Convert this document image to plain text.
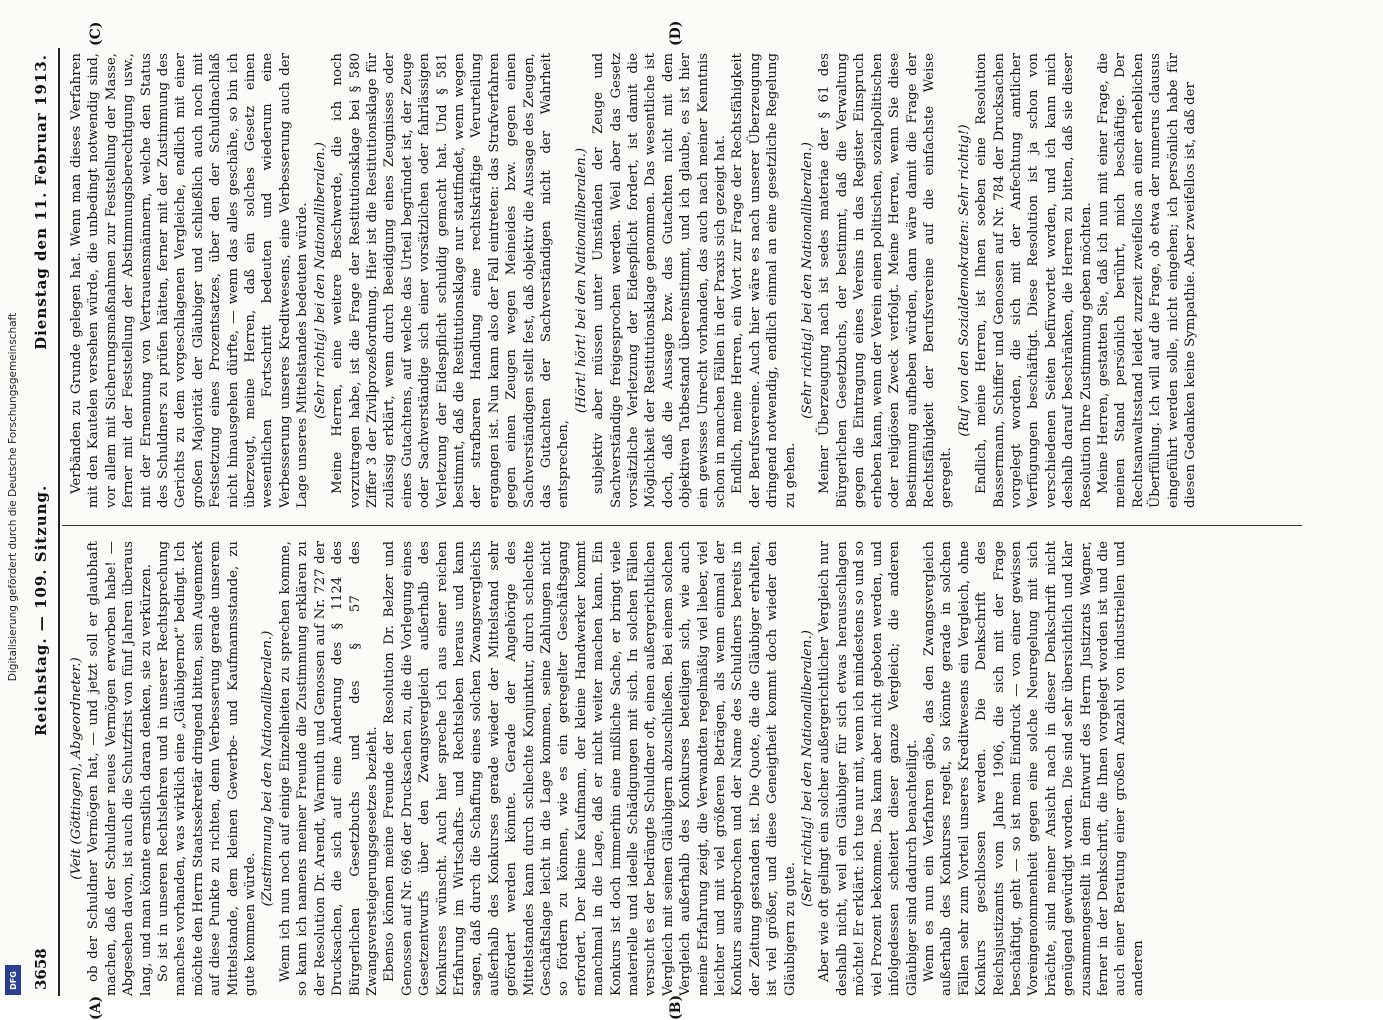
3658
Reichstag. — 109. Sitzung.
Dienstag den 11. Februar 1913.

(Veit (Göttingen), Abgeordneter.) ob der Schuldner Vermögen hat, — und jetzt soll er glaubhaft machen, daß der Schuldner neues Vermögen erworben habe! — Abgesehen davon, ist auch die Schutzfrist von fünf Jahren überaus lang, und man könnte ernstlich daran denken, sie zu verkürzen. So ist in unseren Rechtslehren und in unserer Rechtsprechung manches vorhanden, was wirklich eine „Gläubigernot“ bedingt. Ich möchte den Herrn Staatssekretär dringend bitten, sein Augenmerk auf diese Punkte zu richten, denn Verbesserung gerade unserem Mittelstande, dem kleinen Gewerbe- und Kaufmannsstande, zu gute kommen würde.

(Zustimmung bei den Nationalliberalen.) Wenn ich nun noch auf einige Einzelheiten zu sprechen komme, so kann ich namens meiner Freunde die Zustimmung erklären zu der Resolution Dr. Arendt, Warmuth und Genossen auf Nr. 727 der Drucksachen, die sich auf eine Änderung des § 1124 des Bürgerlichen Gesetzbuchs und des § 57 des Zwangsversteigerungsgesetzes bezieht. Ebenso können meine Freunde der Resolution Dr. Belzer und Genossen auf Nr. 696 der Drucksachen zu, die die Vorlegung eines Gesetzentwurfs über den Zwangsvergleich außerhalb des Konkurses wünscht. Auch hier spreche ich aus einer reichen Erfahrung im Wirtschafts- und Rechtsleben heraus und kann sagen, daß durch die Schaffung eines solchen Zwangsvergleichs außerhalb des Konkurses gerade wieder der Mittelstand sehr gefördert werden könnte. Gerade der Angehörige des Mittelstandes kann durch schlechte Konjunktur, durch schlechte Geschäftslage leicht in die Lage kommen, seine Zahlungen nicht so fördern zu können, wie es ein geregelter Geschäftsgang erfordert. Der kleine Kaufmann, der kleine Handwerker kommt manchmal in die Lage, daß er nicht weiter machen kann. Ein Konkurs ist doch immerhin eine mißliche Sache, er bringt viele materielle und ideelle Schädigungen mit sich. In solchen Fällen versucht es der bedrängte Schuldner oft, einen außergerichtlichen Vergleich mit seinen Gläubigern abzuschließen. Bei einem solchen Vergleich außerhalb des Konkurses beteiligen sich, wie auch meine Erfahrung zeigt, die Verwandten regelmäßig viel lieber, viel leichter und mit viel größeren Beträgen, als wenn einmal der Konkurs ausgebrochen und der Name des Schuldners bereits in der Zeitung gestanden ist. Die Quote, die die Gläubiger erhalten, ist viel größer, und diese Geneigtheit kommt doch wieder den Gläubigern zu gute.

(Sehr richtig! bei den Nationalliberalen.) Aber wie oft gelingt ein solcher außergerichtlicher Vergleich nur deshalb nicht, weil ein Gläubiger für sich etwas herausschlagen möchte! Er erklärt: ich tue nur mit, wenn ich mindestens so und so viel Prozent bekomme. Das kann aber nicht geboten werden, und infolgedessen scheitert dieser ganze Vergleich; die anderen Gläubiger sind dadurch benachteiligt. Wenn es nun ein Verfahren gäbe, das den Zwangsvergleich außerhalb des Konkurses regelt, so könnte gerade in solchen Fällen sehr zum Vorteil unseres Kreditwesens ein Vergleich, ohne Konkurs geschlossen werden. Die Denkschrift des Reichsjustizamts vom Jahre 1906, die sich mit der Frage beschäftigt, geht — so ist mein Eindruck — von einer gewissen Voreingenommenheit gegen eine solche Neuregelung mit sich brächte, sind meiner Ansicht nach in dieser Denkschrift nicht genügend gewürdigt worden. Die sind sehr übersichtlich und klar zusammengestellt in dem Entwurf des Herrn Justizrats Wagner, ferner in der Denkschrift, die Ihnen vorgelegt worden ist und die auch einer Beratung einer großen Anzahl von industriellen und anderen

Verbänden zu Grunde gelegen hat. Wenn man dieses Verfahren mit den Kautelen versehen würde, die unbedingt notwendig sind, vor allem mit Sicherungsmaßnahmen zur Feststellung der Masse, ferner mit der Feststellung der Abstimmungsberechtigung usw., mit der Ernennung von Vertrauensmännern, welche den Status des Schuldners zu prüfen hätten, ferner mit der Zustimmung des Gerichts zu dem vorgeschlagenen Vergleiche, endlich mit einer großen Majorität der Gläubiger und schließlich auch noch mit Festsetzung eines Prozentsatzes, über den der Schuldnachlaß nicht hinausgehen dürfte, — wenn das alles geschähe, so bin ich überzeugt, meine Herren, daß ein solches Gesetz einen wesentlichen Fortschritt bedeuten und wiederum eine Verbesserung unseres Kreditwesens, eine Verbesserung auch der Lage unseres Mittelstandes bedeuten würde. (Sehr richtig! bei den Nationalliberalen.) Meine Herren, eine weitere Beschwerde, die ich noch vorzutragen habe, ist die Frage der Restitutionsklage bei § 580 Ziffer 3 der Zivilprozeßordnung. Hier ist die Restitutionsklage für zulässig erklärt, wenn durch Beeidigung eines Zeugnisses oder eines Gutachtens, auf welche das Urteil begründet ist, der Zeuge oder Sachverständige sich einer vorsätzlichen oder fahrlässigen Verletzung der Eidespflicht schuldig gemacht hat. Und § 581 bestimmt, daß die Restitutionsklage nur stattfindet, wenn wegen der strafbaren Handlung eine rechtskräftige Verurteilung ergangen ist. Nun kann also der Fall eintreten: das Strafverfahren gegen einen Zeugen wegen Meineides bzw. gegen einen Sachverständigen stellt fest, daß objektiv die Aussage des Zeugen, das Gutachten der Sachverständigen nicht der Wahrheit entsprechen,

(Hört! hört! bei den Nationalliberalen.) subjektiv aber müssen unter Umständen der Zeuge und Sachverständige freigesprochen werden. Weil aber das Gesetz vorsätzliche Verletzung der Eidespflicht fordert, ist damit die Möglichkeit der Restitutionsklage genommen. Das wesentliche ist doch, daß die Aussage bzw. das Gutachten nicht mit dem objektiven Tatbestand übereinstimmt, und ich glaube, es ist hier ein gewisses Unrecht vorhanden, das auch nach meiner Kenntnis schon in manchen Fällen in der Praxis sich gezeigt hat. Endlich, meine Herren, ein Wort zur Frage der Rechtsfähigkeit der Berufsvereine. Auch hier wäre es nach unserer Überzeugung dringend notwendig, endlich einmal an eine gesetzliche Regelung zu gehen.

(Sehr richtig! bei den Nationalliberalen.) Meiner Überzeugung nach ist sedes materiae der § 61 des Bürgerlichen Gesetzbuchs, der bestimmt, daß die Verwaltung gegen die Eintragung eines Vereins in das Register Einspruch erheben kann, wenn der Verein einen politischen, sozialpolitischen oder religiösen Zweck verfolgt. Meine Herren, wenn Sie diese Bestimmung aufheben würden, dann wäre damit die Frage der Rechtsfähigkeit der Berufsvereine auf die einfachste Weise geregelt.

(Ruf von den Sozialdemokraten: Sehr richtig!) Endlich, meine Herren, ist Ihnen soeben eine Resolution Bassermann, Schiffer und Genossen auf Nr. 784 der Drucksachen vorgelegt worden, die sich mit der Anfechtung amtlicher Verfügungen beschäftigt. Diese Resolution ist ja schon von verschiedenen Seiten befürwortet worden, und ich kann mich deshalb darauf beschränken, die Herren zu bitten, daß sie dieser Resolution Ihre Zustimmung geben möchten. Meine Herren, gestatten Sie, daß ich nun mit einer Frage, die meinen Stand persönlich berührt, mich beschäftige. Der Rechtsanwaltsstand leidet zurzeit zweifellos an einer erheblichen Überfüllung. Ich will auf die Frage, ob etwa der numerus clausus eingeführt werden solle, nicht eingehen; ich persönlich habe für diesen Gedanken keine Sympathie. Aber zweifellos ist, daß der

(A)	(B)
(C)	(D)
Digitalisierung gefördert durch die Deutsche Forschungsgemeinschaft
DFG
